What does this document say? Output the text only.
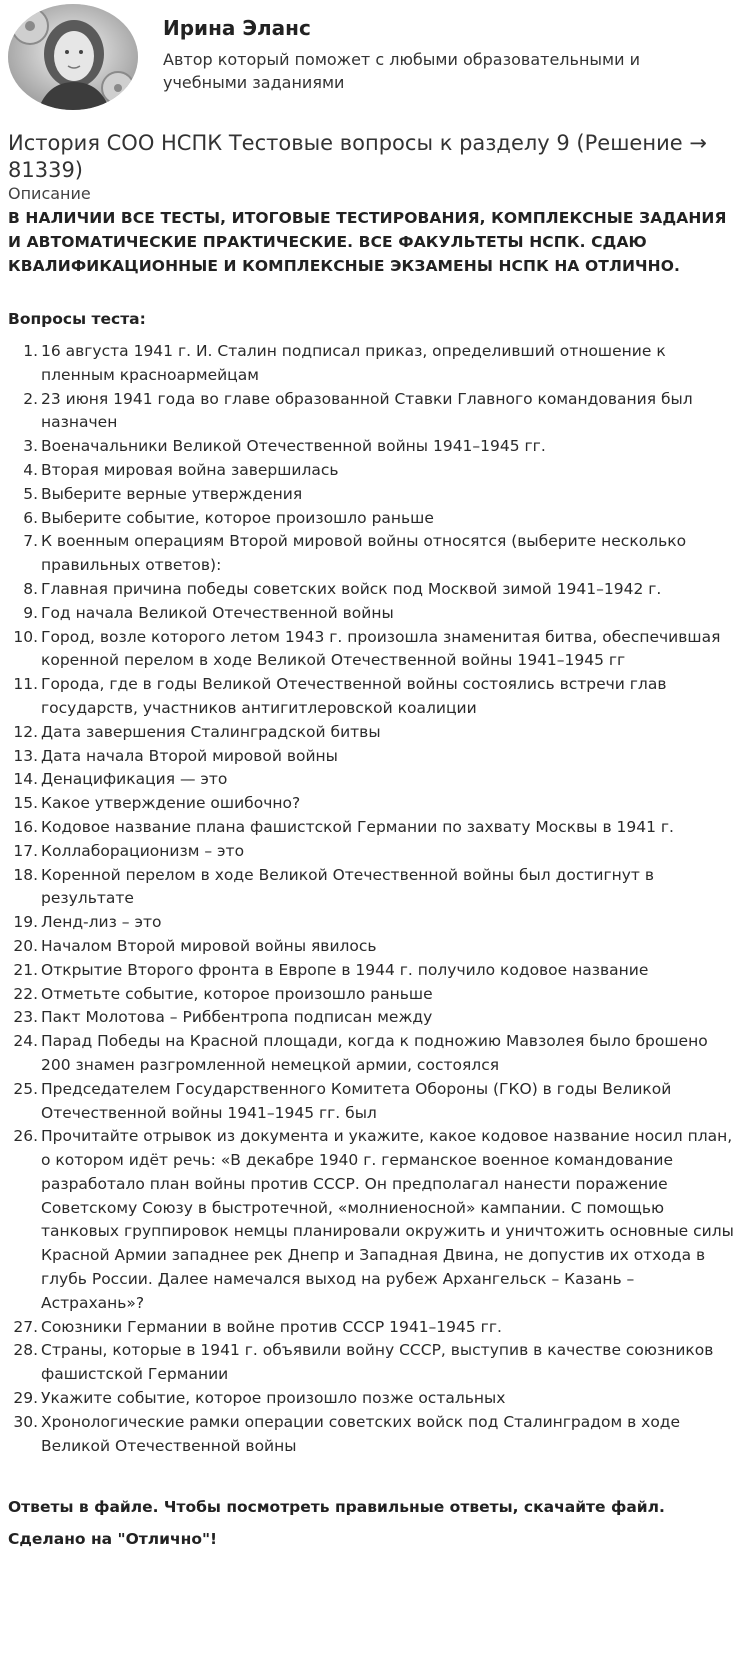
Ирина Эланс
Автор который поможет с любыми образовательными и учебными заданиями
История СОО НСПК Тестовые вопросы к разделу 9 (Решение → 81339)
Описание
В НАЛИЧИИ ВСЕ ТЕСТЫ, ИТОГОВЫЕ ТЕСТИРОВАНИЯ, КОМПЛЕКСНЫЕ ЗАДАНИЯ И АВТОМАТИЧЕСКИЕ ПРАКТИЧЕСКИЕ. ВСЕ ФАКУЛЬТЕТЫ НСПК. СДАЮ КВАЛИФИКАЦИОННЫЕ И КОМПЛЕКСНЫЕ ЭКЗАМЕНЫ НСПК НА ОТЛИЧНО.
Вопросы теста:
1. 16 августа 1941 г. И. Сталин подписал приказ, определивший отношение к пленным красноармейцам
2. 23 июня 1941 года во главе образованной Ставки Главного командования был назначен
3. Военачальники Великой Отечественной войны 1941–1945 гг.
4. Вторая мировая война завершилась
5. Выберите верные утверждения
6. Выберите событие, которое произошло раньше
7. К военным операциям Второй мировой войны относятся (выберите несколько правильных ответов):
8. Главная причина победы советских войск под Москвой зимой 1941–1942 г.
9. Год начала Великой Отечественной войны
10. Город, возле которого летом 1943 г. произошла знаменитая битва, обеспечившая коренной перелом в ходе Великой Отечественной войны 1941–1945 гг
11. Города, где в годы Великой Отечественной войны состоялись встречи глав государств, участников антигитлеровской коалиции
12. Дата завершения Сталинградской битвы
13. Дата начала Второй мировой войны
14. Денацификация — это
15. Какое утверждение ошибочно?
16. Кодовое название плана фашистской Германии по захвату Москвы в 1941 г.
17. Коллаборационизм – это
18. Коренной перелом в ходе Великой Отечественной войны был достигнут в результате
19. Ленд-лиз – это
20. Началом Второй мировой войны явилось
21. Открытие Второго фронта в Европе в 1944 г. получило кодовое название
22. Отметьте событие, которое произошло раньше
23. Пакт Молотова – Риббентропа подписан между
24. Парад Победы на Красной площади, когда к подножию Мавзолея было брошено 200 знамен разгромленной немецкой армии, состоялся
25. Председателем Государственного Комитета Обороны (ГКО) в годы Великой Отечественной войны 1941–1945 гг. был
26. Прочитайте отрывок из документа и укажите, какое кодовое название носил план, о котором идёт речь: «В декабре 1940 г. германское военное командование разработало план войны против СССР. Он предполагал нанести поражение Советскому Союзу в быстротечной, «молниеносной» кампании. С помощью танковых группировок немцы планировали окружить и уничтожить основные силы Красной Армии западнее рек Днепр и Западная Двина, не допустив их отхода в глубь России. Далее намечался выход на рубеж Архангельск – Казань – Астрахань»?
27. Союзники Германии в войне против СССР 1941–1945 гг.
28. Страны, которые в 1941 г. объявили войну СССР, выступив в качестве союзников фашистской Германии
29. Укажите событие, которое произошло позже остальных
30. Хронологические рамки операции советских войск под Сталинградом в ходе Великой Отечественной войны
Ответы в файле. Чтобы посмотреть правильные ответы, скачайте файл.
Сделано на "Отлично"!
